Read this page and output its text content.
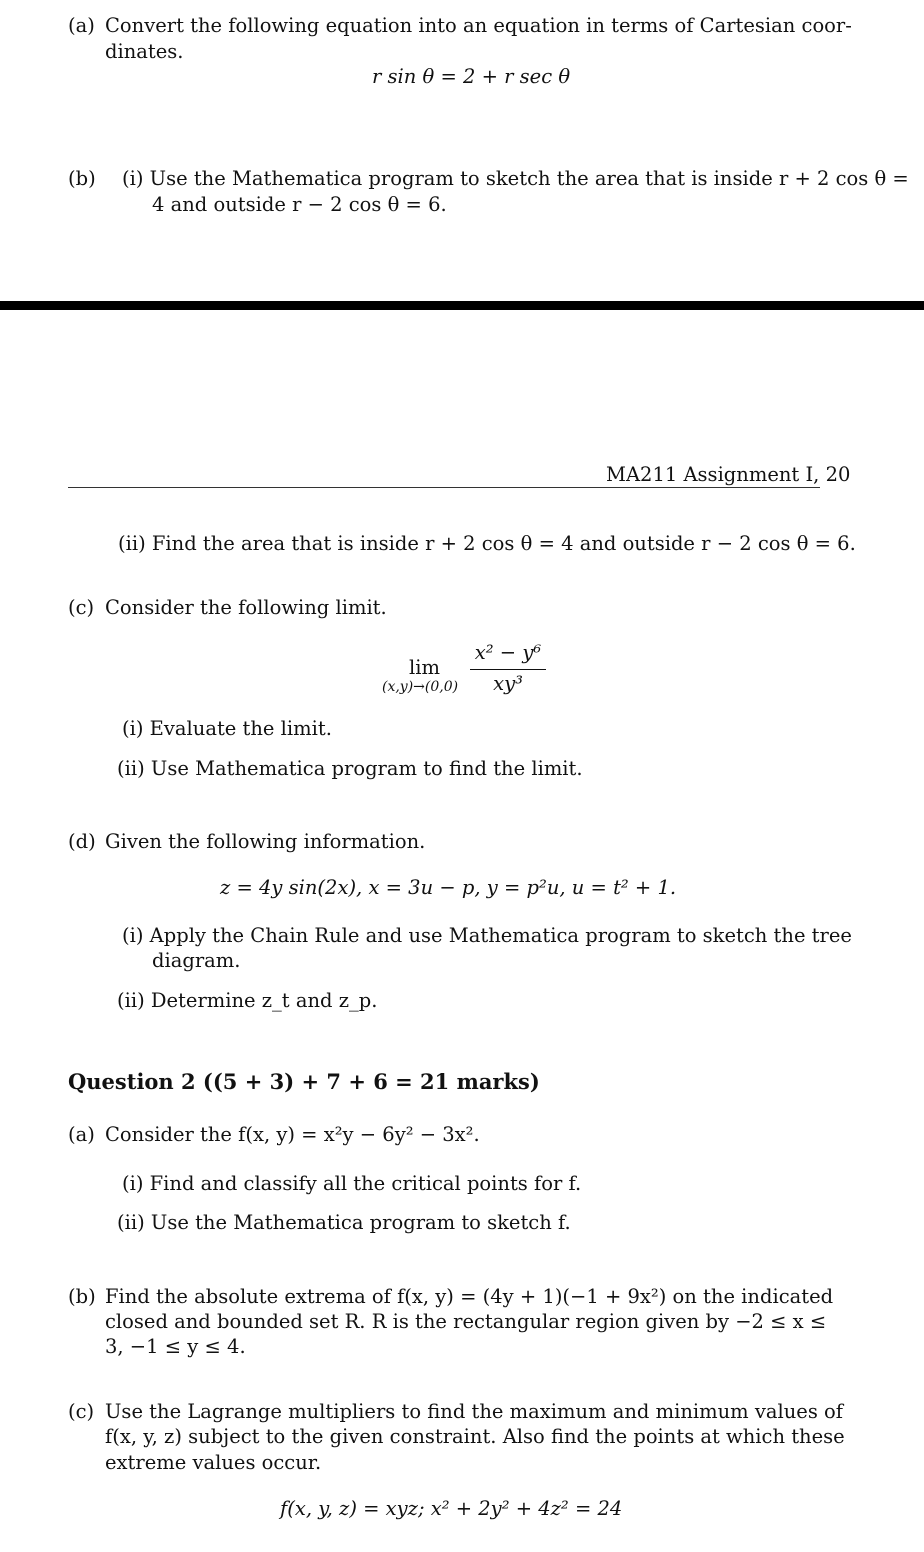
(a) Convert the following equation into an equation in terms of Cartesian coor-
dinates.
r sin θ = 2 + r sec θ
(b) (i) Use the Mathematica program to sketch the area that is inside r + 2 cos θ =
4 and outside r − 2 cos θ = 6.
MA211 Assignment I, 20
(ii) Find the area that is inside r + 2 cos θ = 4 and outside r − 2 cos θ = 6.
(c) Consider the following limit.
lim
(x,y)→(0,0)
x² − y⁶
xy³
(i) Evaluate the limit.
(ii) Use Mathematica program to find the limit.
(d) Given the following information.
z = 4y sin(2x), x = 3u − p, y = p²u, u = t² + 1.
(i) Apply the Chain Rule and use Mathematica program to sketch the tree
diagram.
(ii) Determine z_t and z_p.
Question 2 ((5 + 3) + 7 + 6 = 21 marks)
(a) Consider the f(x, y) = x²y − 6y² − 3x².
(i) Find and classify all the critical points for f.
(ii) Use the Mathematica program to sketch f.
(b) Find the absolute extrema of f(x, y) = (4y + 1)(−1 + 9x²) on the indicated
closed and bounded set R. R is the rectangular region given by −2 ≤ x ≤
3, −1 ≤ y ≤ 4.
(c) Use the Lagrange multipliers to find the maximum and minimum values of
f(x, y, z) subject to the given constraint. Also find the points at which these
extreme values occur.
f(x, y, z) = xyz; x² + 2y² + 4z² = 24
